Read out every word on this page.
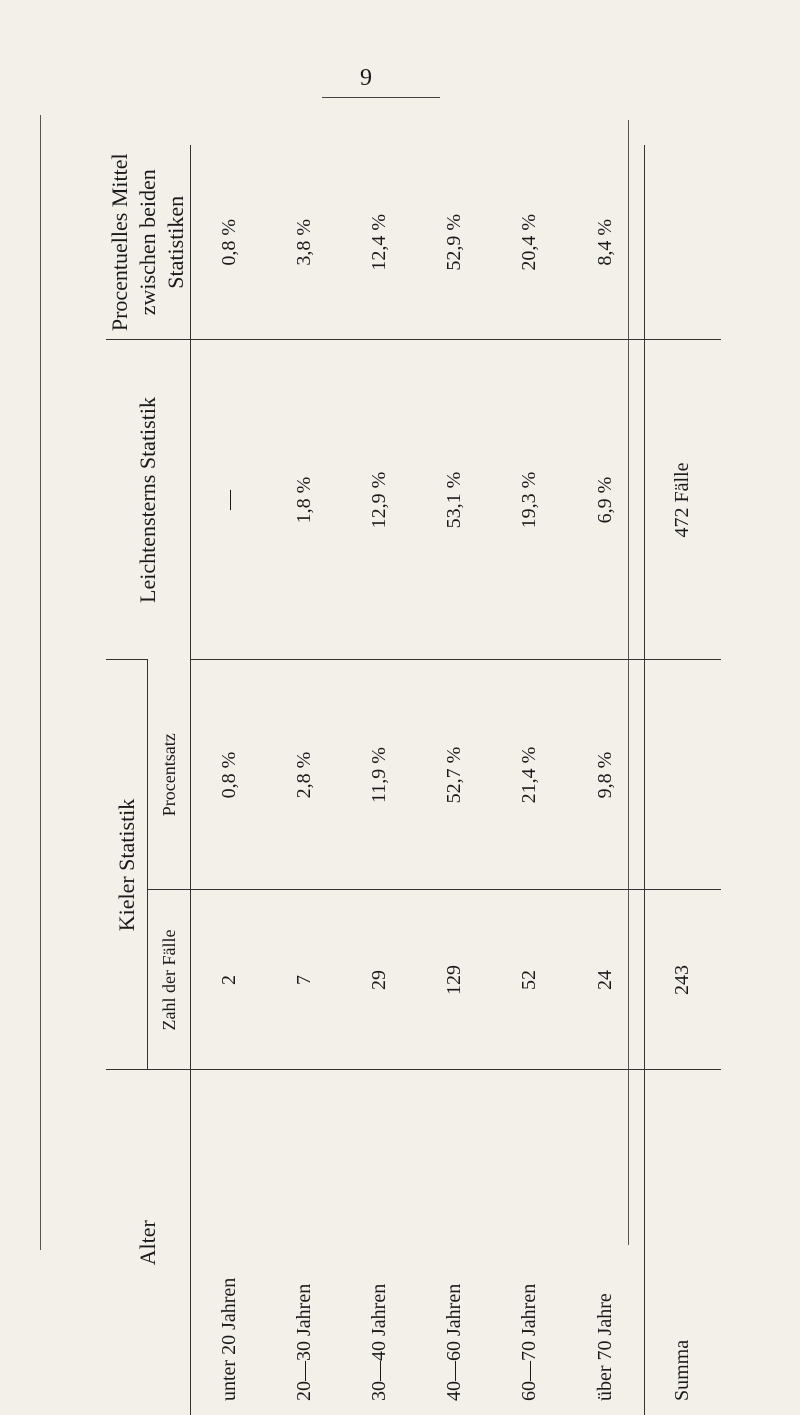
9
Alter	Kieler Statistik		Leichtensterns Statistik	Procentuelles Mittel zwischen beiden Statistiken
	Zahl der Fälle	Procentsatz		
unter 20 Jahren	2	0,8 %	—	0,8 %
20—30 Jahren	7	2,8 %	1,8 %	3,8 %
30—40 Jahren	29	11,9 %	12,9 %	12,4 %
40—60 Jahren	129	52,7 %	53,1 %	52,9 %
60—70 Jahren	52	21,4 %	19,3 %	20,4 %
über 70 Jahre	24	9,8 %	6,9 %	8,4 %
Summa	243		472 Fälle	
